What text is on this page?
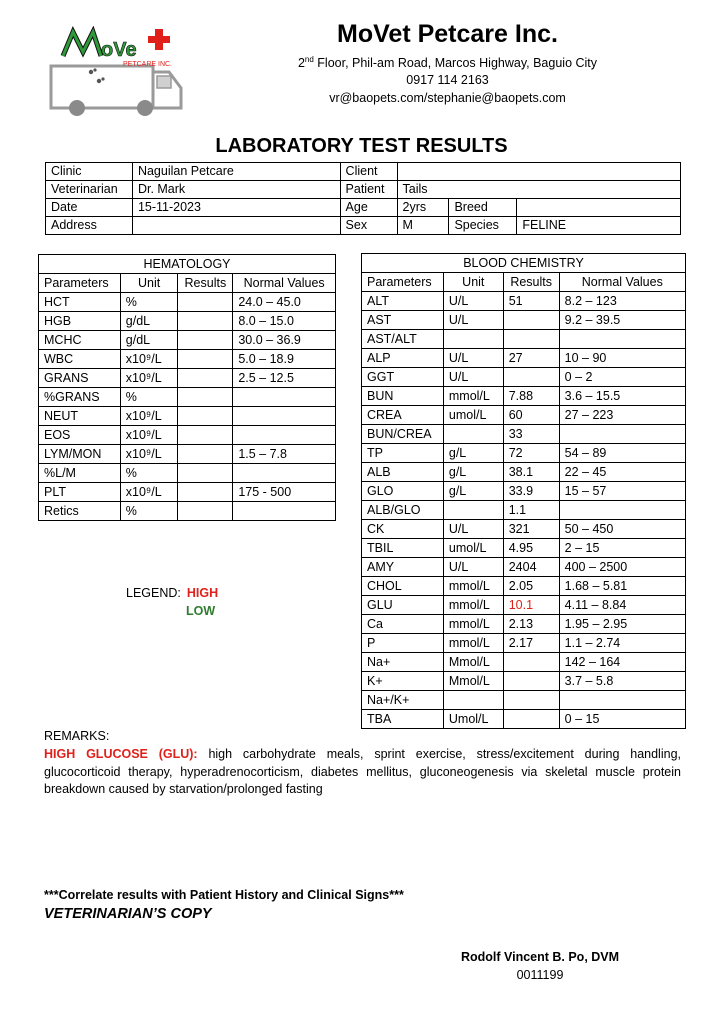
oVe
PETCARE INC.
MoVet Petcare Inc.
2nd Floor, Phil-am Road, Marcos Highway, Baguio City
0917 114 2163
vr@baopets.com/stephanie@baopets.com
LABORATORY TEST RESULTS
Clinic	Naguilan Petcare	Client			
Veterinarian	Dr. Mark	Patient	Tails		
Date	15-11-2023	Age	2yrs	Breed	
Address		Sex	M	Species	FELINE
HEMATOLOGY			
Parameters	Unit	Results	Normal Values
HCT	%		24.0 – 45.0
HGB	g/dL		8.0 – 15.0
MCHC	g/dL		30.0 – 36.9
WBC	x10⁹/L		5.0 – 18.9
GRANS	x10⁹/L		2.5 – 12.5
%GRANS	%		
NEUT	x10⁹/L		
EOS	x10⁹/L		
LYM/MON	x10⁹/L		1.5 – 7.8
%L/M	%		
PLT	x10⁹/L		175 - 500
Retics	%		
BLOOD CHEMISTRY			
Parameters	Unit	Results	Normal Values
ALT	U/L	51	8.2 – 123
AST	U/L		9.2 – 39.5
AST/ALT			
ALP	U/L	27	10 – 90
GGT	U/L		0 – 2
BUN	mmol/L	7.88	3.6 – 15.5
CREA	umol/L	60	27 – 223
BUN/CREA		33	
TP	g/L	72	54 – 89
ALB	g/L	38.1	22 – 45
GLO	g/L	33.9	15 – 57
ALB/GLO		1.1	
CK	U/L	321	50 – 450
TBIL	umol/L	4.95	2 – 15
AMY	U/L	2404	400 – 2500
CHOL	mmol/L	2.05	1.68 – 5.81
GLU	mmol/L	10.1	4.11 – 8.84
Ca	mmol/L	2.13	1.95 – 2.95
P	mmol/L	2.17	1.1 – 2.74
Na+	Mmol/L		142 – 164
K+	Mmol/L		3.7 – 5.8
Na+/K+			
TBA	Umol/L		0 – 15
LEGEND: HIGH
LOW
REMARKS:
HIGH GLUCOSE (GLU): high carbohydrate meals, sprint exercise, stress/excitement during handling, glucocorticoid therapy, hyperadrenocorticism, diabetes mellitus, gluconeogenesis via skeletal muscle protein breakdown caused by starvation/prolonged fasting
***Correlate results with Patient History and Clinical Signs***
VETERINARIAN’S COPY
Rodolf Vincent B. Po, DVM
0011199
